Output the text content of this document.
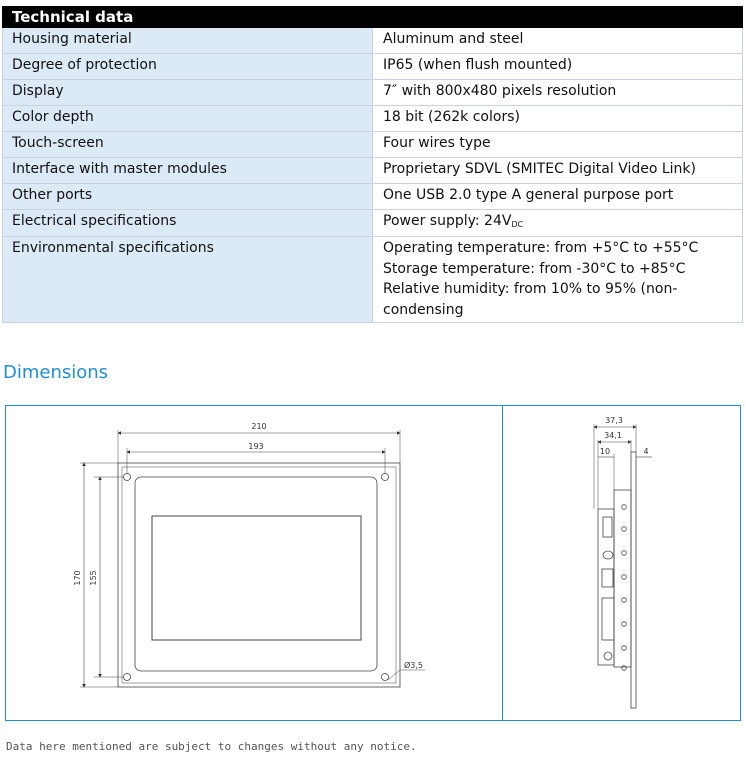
Technical data	
Housing material	Aluminum and steel
Degree of protection	IP65 (when flush mounted)
Display	7″ with 800x480 pixels resolution
Color depth	18 bit (262k colors)
Touch-screen	Four wires type
Interface with master modules	Proprietary SDVL (SMITEC Digital Video Link)
Other ports	One USB 2.0 type A general purpose port
Electrical specifications	Power supply: $24V_{DC}$
Environmental specifications	Operating temperature: from +5°C to +55°C
Storage temperature: from -30°C to +85°C
Relative humidity: from 10% to 95% (non-
condensing
Dimensions
210
193
170 155
Ø3,5
37,3
34,1
10	4
Data here mentioned are subject to changes without any notice.
